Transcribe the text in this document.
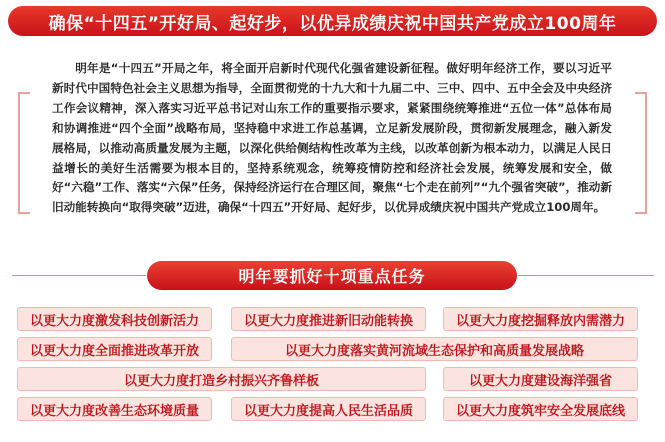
确保“十四五”开好局、起好步，以优异成绩庆祝中国共产党成立100周年
明年是“十四五”开局之年，将全面开启新时代现代化强省建设新征程。做好明年经济工作，要以习近平新时代中国特色社会主义思想为指导，全面贯彻党的十九大和十九届二中、三中、四中、五中全会及中央经济工作会议精神，深入落实习近平总书记对山东工作的重要指示要求，紧紧围绕统筹推进“五位一体”总体布局和协调推进“四个全面”战略布局，坚持稳中求进工作总基调，立足新发展阶段，贯彻新发展理念，融入新发展格局，以推动高质量发展为主题，以深化供给侧结构性改革为主线，以改革创新为根本动力，以满足人民日益增长的美好生活需要为根本目的，坚持系统观念，统筹疫情防控和经济社会发展，统筹发展和安全，做好“六稳”工作、落实“六保”任务，保持经济运行在合理区间，聚焦“七个走在前列”“九个强省突破”，推动新旧动能转换向“取得突破”迈进，确保“十四五”开好局、起好步，以优异成绩庆祝中国共产党成立100周年。
明年要抓好十项重点任务
以更大力度激发科技创新活力	以更大力度推进新旧动能转换	以更大力度挖掘释放内需潜力
以更大力度全面推进改革开放	以更大力度落实黄河流域生态保护和高质量发展战略
以更大力度打造乡村振兴齐鲁样板	以更大力度建设海洋强省
以更大力度改善生态环境质量	以更大力度提高人民生活品质	以更大力度筑牢安全发展底线
